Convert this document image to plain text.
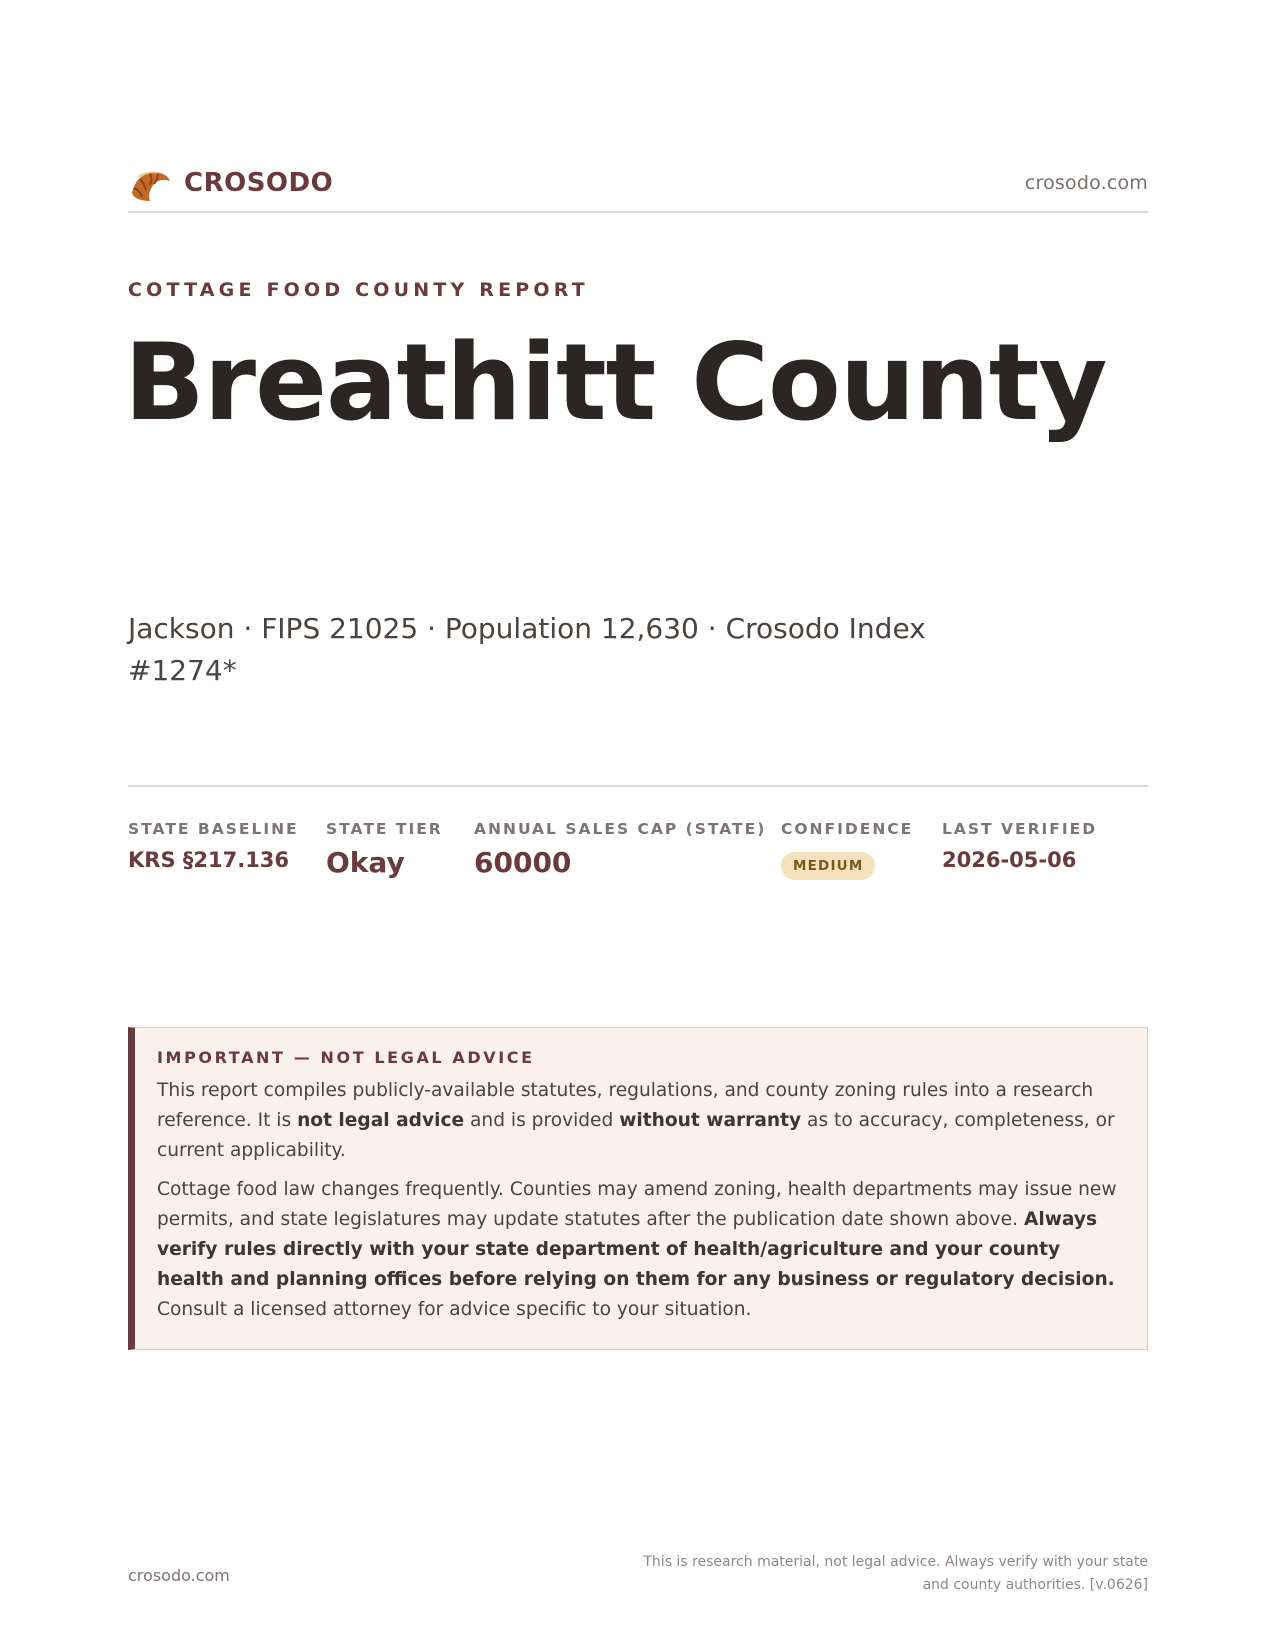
CROSODO	crosodo.com
COTTAGE FOOD COUNTY REPORT
Breathitt County
Jackson · FIPS 21025 · Population 12,630 · Crosodo Index #1274*
STATE BASELINE
KRS §217.136
STATE TIER
Okay
ANNUAL SALES CAP (STATE)
60000
CONFIDENCE
MEDIUM
LAST VERIFIED
2026-05-06
IMPORTANT — NOT LEGAL ADVICE

This report compiles publicly-available statutes, regulations, and county zoning rules into a research reference. It is not legal advice and is provided without warranty as to accuracy, completeness, or current applicability.

Cottage food law changes frequently. Counties may amend zoning, health departments may issue new permits, and state legislatures may update statutes after the publication date shown above. Always verify rules directly with your state department of health/agriculture and your county health and planning offices before relying on them for any business or regulatory decision. Consult a licensed attorney for advice specific to your situation.

crosodo.com
This is research material, not legal advice. Always verify with your state and county authorities. [v.0626]
